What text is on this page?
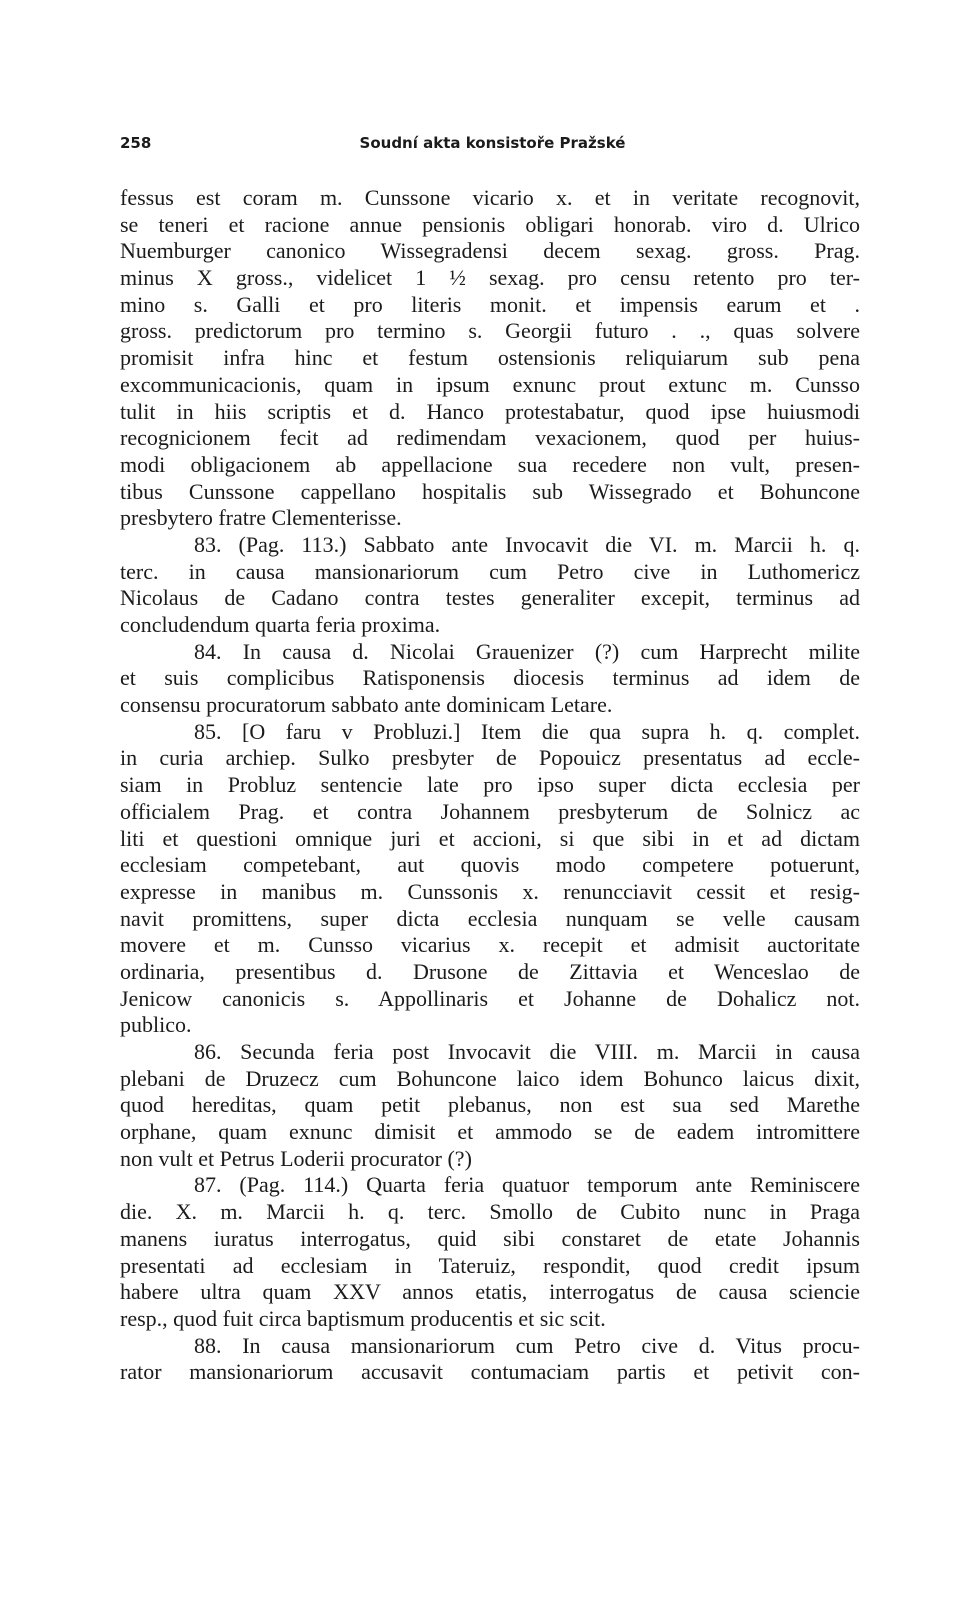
258	Soudní akta konsistoře Pražské
fessus est coram m. Cunssone vicario x. et in veritate recognovit,
se teneri et racione annue pensionis obligari honorab. viro d. Ulrico
Nuemburger canonico Wissegradensi decem sexag. gross. Prag.
minus X gross., videlicet 1 ½ sexag. pro censu retento pro ter-
mino s. Galli et pro literis monit. et impensis earum et .
gross. predictorum pro termino s. Georgii futuro . ., quas solvere
promisit infra hinc et festum ostensionis reliquiarum sub pena
excommunicacionis, quam in ipsum exnunc prout extunc m. Cunsso
tulit in hiis scriptis et d. Hanco protestabatur, quod ipse huiusmodi
recognicionem fecit ad redimendam vexacionem, quod per huius-
modi obligacionem ab appellacione sua recedere non vult, presen-
tibus Cunssone cappellano hospitalis sub Wissegrado et Bohuncone
presbytero fratre Clementerisse.
83. (Pag. 113.) Sabbato ante Invocavit die VI. m. Marcii h. q.
terc. in causa mansionariorum cum Petro cive in Luthomericz
Nicolaus de Cadano contra testes generaliter excepit, terminus ad
concludendum quarta feria proxima.
84. In causa d. Nicolai Grauenizer (?) cum Harprecht milite
et suis complicibus Ratisponensis diocesis terminus ad idem de
consensu procuratorum sabbato ante dominicam Letare.
85. [O faru v Probluzi.] Item die qua supra h. q. complet.
in curia archiep. Sulko presbyter de Popouicz presentatus ad eccle-
siam in Probluz sentencie late pro ipso super dicta ecclesia per
officialem Prag. et contra Johannem presbyterum de Solnicz ac
liti et questioni omnique juri et accioni, si que sibi in et ad dictam
ecclesiam competebant, aut quovis modo competere potuerunt,
expresse in manibus m. Cunssonis x. renuncciavit cessit et resig-
navit promittens, super dicta ecclesia nunquam se velle causam
movere et m. Cunsso vicarius x. recepit et admisit auctoritate
ordinaria, presentibus d. Drusone de Zittavia et Wenceslao de
Jenicow canonicis s. Appollinaris et Johanne de Dohalicz not.
publico.
86. Secunda feria post Invocavit die VIII. m. Marcii in causa
plebani de Druzecz cum Bohuncone laico idem Bohunco laicus dixit,
quod hereditas, quam petit plebanus, non est sua sed Marethe
orphane, quam exnunc dimisit et ammodo se de eadem intromittere
non vult et Petrus Loderii procurator (?)
87. (Pag. 114.) Quarta feria quatuor temporum ante Reminiscere
die. X. m. Marcii h. q. terc. Smollo de Cubito nunc in Praga
manens iuratus interrogatus, quid sibi constaret de etate Johannis
presentati ad ecclesiam in Tateruiz, respondit, quod credit ipsum
habere ultra quam XXV annos etatis, interrogatus de causa sciencie
resp., quod fuit circa baptismum producentis et sic scit.
88. In causa mansionariorum cum Petro cive d. Vitus procu-
rator mansionariorum accusavit contumaciam partis et petivit con-
